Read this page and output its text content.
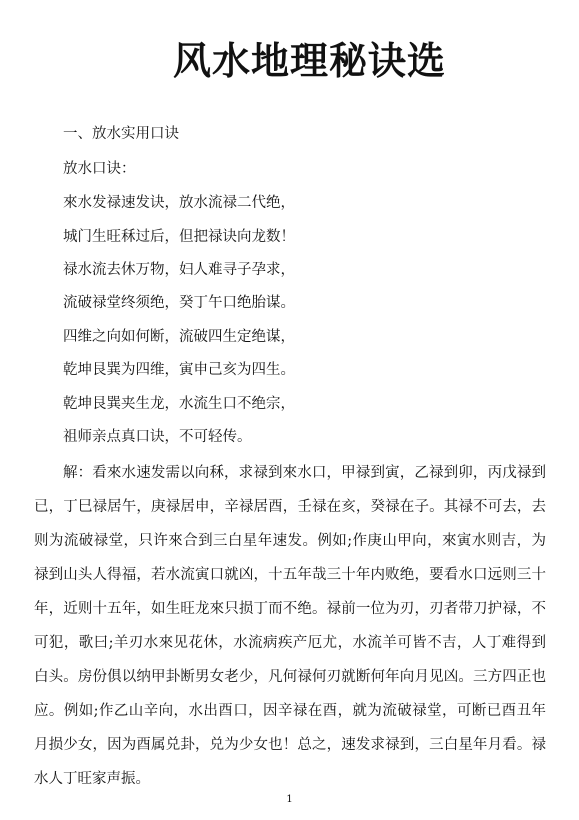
风水地理秘诀选
一、放水实用口诀
放水口诀：
來水发禄速发诀，放水流禄二代绝，
城门生旺秝过后，但把禄诀向龙数！
禄水流去休万物，妇人难寻子孕求，
流破禄堂终须绝，癸丁午口绝胎谋。
四维之向如何断，流破四生定绝谋，
乾坤艮巽为四维，寅申己亥为四生。
乾坤艮巽夹生龙，水流生口不绝宗，
祖师亲点真口诀，不可轻传。

解：看來水速发需以向秝，求禄到來水口，甲禄到寅，乙禄到卯，丙戊禄到已，丁巳禄居午，庚禄居申，辛禄居酉，壬禄在亥，癸禄在子。其禄不可去，去则为流破禄堂，只许來合到三白星年速发。例如;作庚山甲向，來寅水则吉，为禄到山头人得福，若水流寅口就凶，十五年哉三十年内败绝，要看水口远则三十年，近则十五年，如生旺龙來只损丁而不绝。禄前一位为刃，刃者带刀护禄，不可犯，歌曰;羊刃水來见花休，水流病疾产厄尤，水流羊可皆不吉，人丁难得到白头。房份俱以纳甲卦断男女老少，凡何禄何刃就断何年向月见凶。三方四正也应。例如;作乙山辛向，水出酉口，因辛禄在酉，就为流破禄堂，可断已酉丑年月损少女，因为酉属兑卦，兑为少女也！总之，速发求禄到，三白星年月看。禄水人丁旺家声振。

1
